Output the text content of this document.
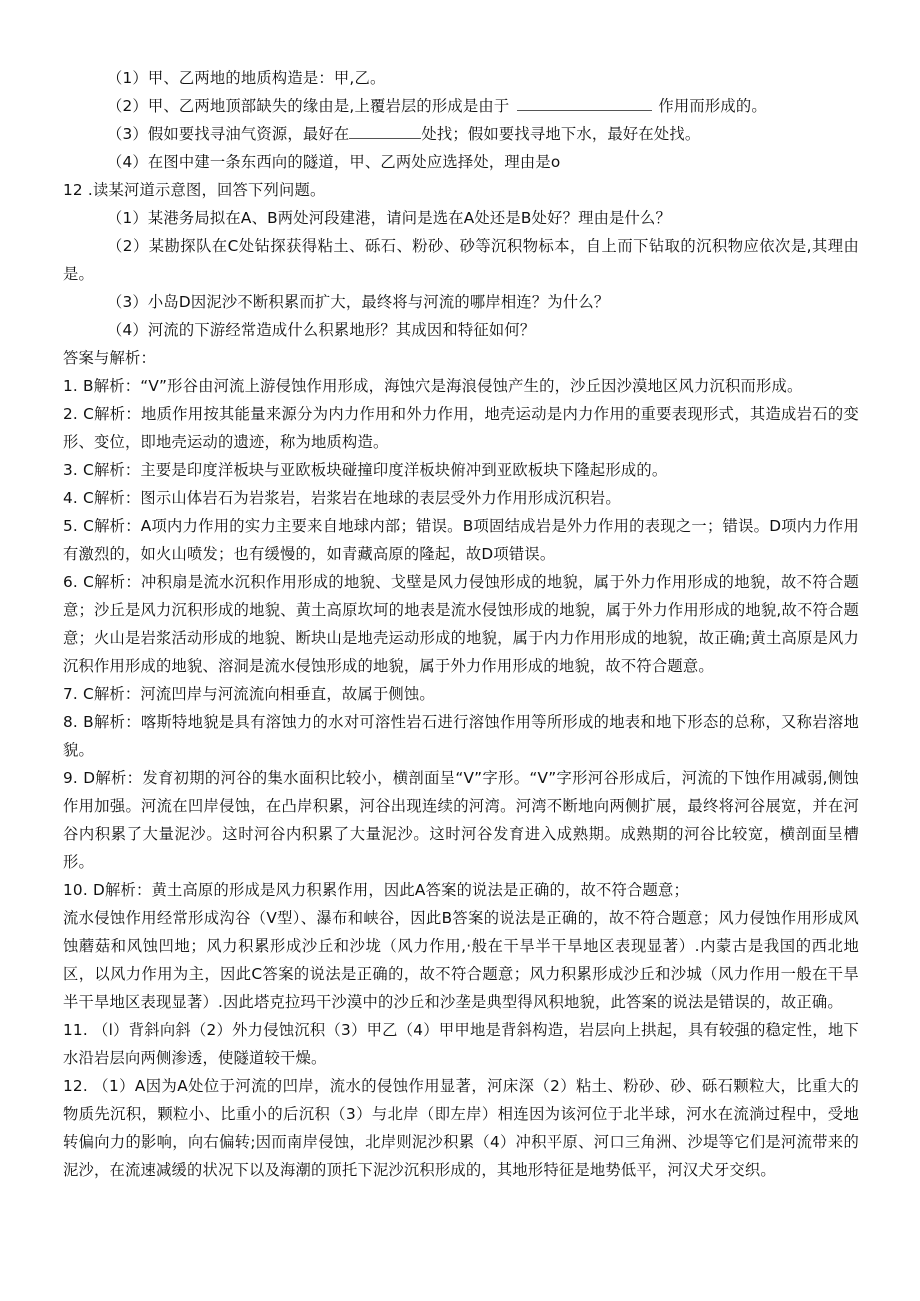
（1）甲、乙两地的地质构造是：甲,乙。

（2）甲、乙两地顶部缺失的缘由是,上覆岩层的形成是由于	作用而形成的。

（3）假如要找寻油气资源，最好在	处找；假如要找寻地下水，最好在处找。

（4）在图中建一条东西向的隧道，甲、乙两处应选择处，理由是o

12 .读某河道示意图，回答下列问题。

（1）某港务局拟在A、B两处河段建港，请问是选在A处还是B处好？理由是什么？

（2）某勘探队在C处钻探获得粘土、砾石、粉砂、砂等沉积物标本，自上而下钻取的沉积物应依次是,其理由是。

（3）小岛D因泥沙不断积累而扩大，最终将与河流的哪岸相连？为什么？

（4）河流的下游经常造成什么积累地形？其成因和特征如何？

答案与解析：

1. B解析：“V”形谷由河流上游侵蚀作用形成，海蚀穴是海浪侵蚀产生的，沙丘因沙漠地区风力沉积而形成。

2. C解析：地质作用按其能量来源分为内力作用和外力作用，地壳运动是内力作用的重要表现形式，其造成岩石的变形、变位，即地壳运动的遗迹，称为地质构造。

3. C解析：主要是印度洋板块与亚欧板块碰撞印度洋板块俯冲到亚欧板块下隆起形成的。

4. C解析：图示山体岩石为岩浆岩，岩浆岩在地球的表层受外力作用形成沉积岩。

5. C解析：A项内力作用的实力主要来自地球内部；错误。B项固结成岩是外力作用的表现之一；错误。D项内力作用有激烈的，如火山喷发；也有缓慢的，如青藏高原的隆起，故D项错误。

6. C解析：冲积扇是流水沉积作用形成的地貌、戈壁是风力侵蚀形成的地貌，属于外力作用形成的地貌，故不符合题意；沙丘是风力沉积形成的地貌、黄土高原坎坷的地表是流水侵蚀形成的地貌，属于外力作用形成的地貌,故不符合题意；火山是岩浆活动形成的地貌、断块山是地壳运动形成的地貌，属于内力作用形成的地貌，故正确;黄土高原是风力沉积作用形成的地貌、溶洞是流水侵蚀形成的地貌，属于外力作用形成的地貌，故不符合题意。

7. C解析：河流凹岸与河流流向相垂直，故属于侧蚀。

8. B解析：喀斯特地貌是具有溶蚀力的水对可溶性岩石进行溶蚀作用等所形成的地表和地下形态的总称，又称岩溶地貌。

9. D解析：发育初期的河谷的集水面积比较小，横剖面呈“V”字形。“V”字形河谷形成后，河流的下蚀作用减弱,侧蚀作用加强。河流在凹岸侵蚀，在凸岸积累，河谷出现连续的河湾。河湾不断地向两侧扩展，最终将河谷展宽，并在河谷内积累了大量泥沙。这时河谷内积累了大量泥沙。这时河谷发育进入成熟期。成熟期的河谷比较宽，横剖面呈槽形。

10. D解析：黄土高原的形成是风力积累作用，因此A答案的说法是正确的，故不符合题意；

流水侵蚀作用经常形成沟谷（V型）、瀑布和峡谷，因此B答案的说法是正确的，故不符合题意；风力侵蚀作用形成风蚀蘑菇和风蚀凹地；风力积累形成沙丘和沙垅（风力作用,·般在干旱半干旱地区表现显著）.内蒙古是我国的西北地区，以风力作用为主，因此C答案的说法是正确的，故不符合题意；风力积累形成沙丘和沙城（风力作用一般在干旱半干旱地区表现显著）.因此塔克拉玛干沙漠中的沙丘和沙垄是典型得风积地貌，此答案的说法是错误的，故正确。

11. （l）背斜向斜（2）外力侵蚀沉积（3）甲乙（4）甲甲地是背斜构造，岩层向上拱起，具有较强的稳定性，地下水沿岩层向两侧渗透，使隧道较干燥。

12. （1）A因为A处位于河流的凹岸，流水的侵蚀作用显著，河床深（2）粘土、粉砂、砂、砾石颗粒大，比重大的物质先沉积，颗粒小、比重小的后沉积（3）与北岸（即左岸）相连因为该河位于北半球，河水在流淌过程中，受地转偏向力的影响，向右偏转;因而南岸侵蚀，北岸则泥沙积累（4）冲积平原、河口三角洲、沙堤等它们是河流带来的泥沙，在流速减缓的状况下以及海潮的顶托下泥沙沉积形成的，其地形特征是地势低平，河汉犬牙交织。
